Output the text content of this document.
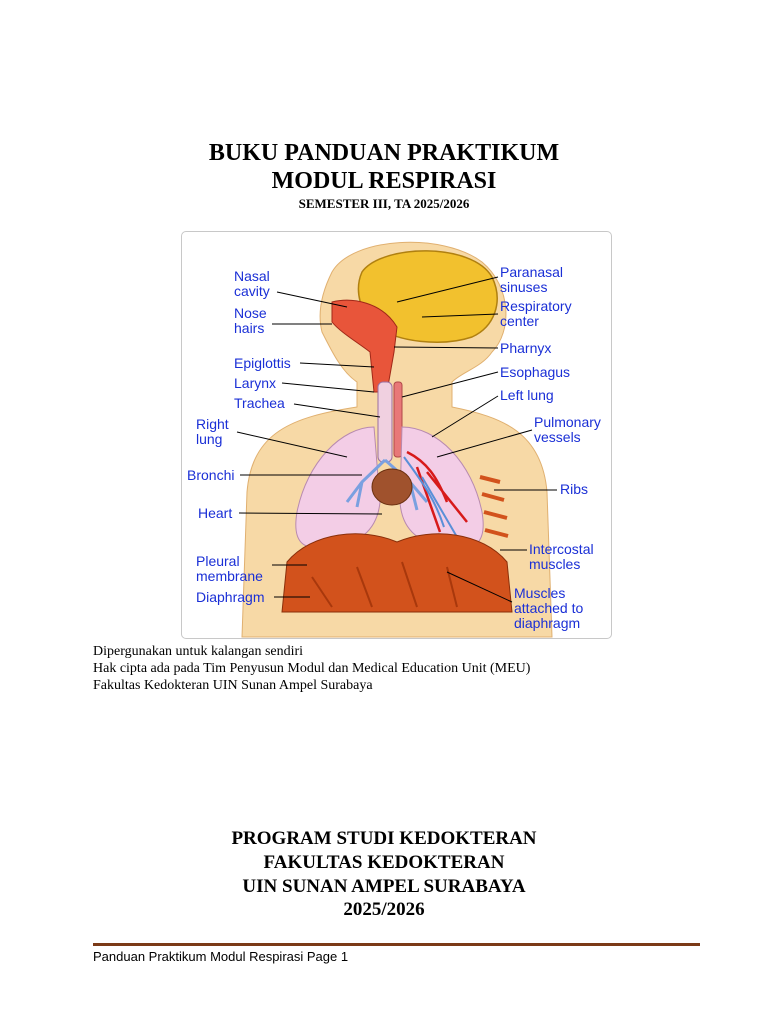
BUKU PANDUAN PRAKTIKUM
MODUL RESPIRASI

SEMESTER III, TA 2025/2026

Nasal
cavity
Nose
hairs
Epiglottis
Larynx
Trachea
Right
lung
Bronchi
Heart
Pleural
membrane
Diaphragm
Paranasal
sinuses
Respiratory
center
Pharnyx
Esophagus
Left lung
Pulmonary
vessels
Ribs
Intercostal
muscles
Muscles
attached to
diaphragm

Dipergunakan untuk kalangan sendiri

Hak cipta ada pada Tim Penyusun Modul dan Medical Education Unit (MEU)

Fakultas Kedokteran UIN Sunan Ampel Surabaya

PROGRAM STUDI KEDOKTERAN

FAKULTAS KEDOKTERAN

UIN SUNAN AMPEL SURABAYA

2025/2026

Panduan Praktikum Modul Respirasi Page 1
